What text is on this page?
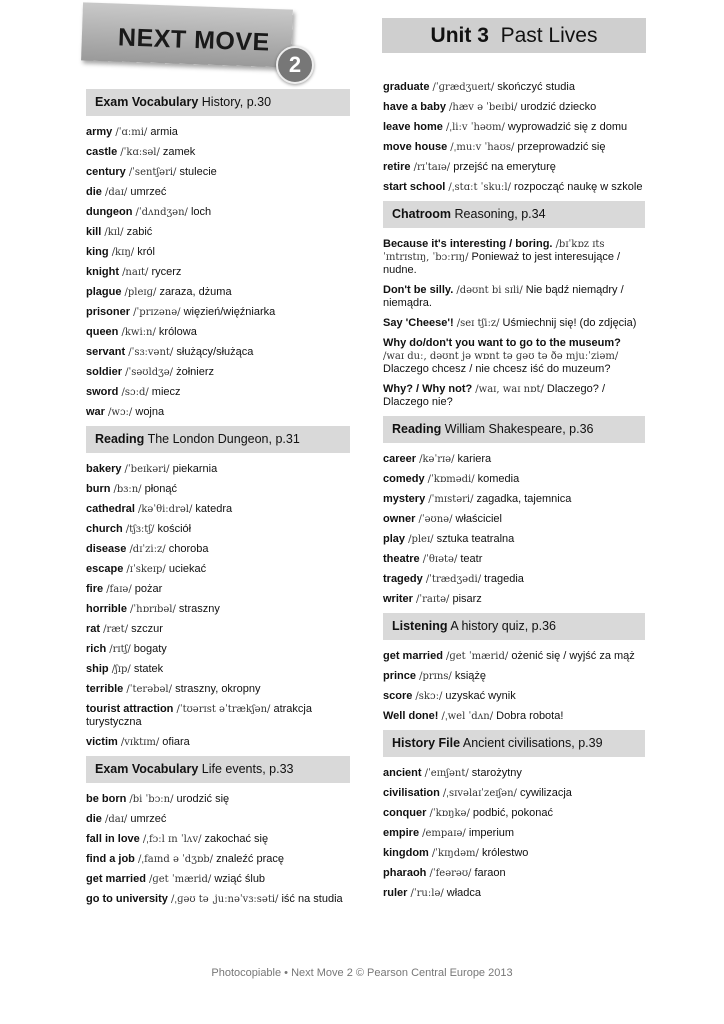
NEXT MOVE
2
Unit 3 Past Lives
Exam Vocabulary History, p.30
army /ˈɑːmi/ armia
castle /ˈkɑːsəl/ zamek
century /ˈsentʃəri/ stulecie
die /daɪ/ umrzeć
dungeon /ˈdʌndʒən/ loch
kill /kɪl/ zabić
king /kɪŋ/ król
knight /naɪt/ rycerz
plague /pleɪɡ/ zaraza, dżuma
prisoner /ˈprɪzənə/ więzień/więźniarka
queen /kwiːn/ królowa
servant /ˈsɜːvənt/ służący/służąca
soldier /ˈsəʊldʒə/ żołnierz
sword /sɔːd/ miecz
war /wɔː/ wojna
Reading The London Dungeon, p.31
bakery /ˈbeɪkəri/ piekarnia
burn /bɜːn/ płonąć
cathedral /kəˈθiːdrəl/ katedra
church /tʃɜːtʃ/ kościół
disease /dɪˈziːz/ choroba
escape /ɪˈskeɪp/ uciekać
fire /faɪə/ pożar
horrible /ˈhɒrɪbəl/ straszny
rat /ræt/ szczur
rich /rɪtʃ/ bogaty
ship /ʃɪp/ statek
terrible /ˈterəbəl/ straszny, okropny
tourist attraction /ˈtʊərɪst əˈtrækʃən/ atrakcja turystyczna
victim /vɪktɪm/ ofiara
Exam Vocabulary Life events, p.33
be born /bi ˈbɔːn/ urodzić się
die /daɪ/ umrzeć
fall in love /ˌfɔːl ɪn ˈlʌv/ zakochać się
find a job /ˌfaɪnd ə ˈdʒɒb/ znaleźć pracę
get married /ɡet ˈmærid/ wziąć ślub
go to university /ˌɡəʊ tə ˌjuːnəˈvɜːsəti/ iść na studia
graduate /ˈɡrædʒueɪt/ skończyć studia
have a baby /hæv ə ˈbeɪbi/ urodzić dziecko
leave home /ˌliːv ˈhəʊm/ wyprowadzić się z domu
move house /ˌmuːv ˈhaʊs/ przeprowadzić się
retire /rɪˈtaɪə/ przejść na emeryturę
start school /ˌstɑːt ˈskuːl/ rozpocząć naukę w szkole
Chatroom Reasoning, p.34
Because it's interesting / boring. /bɪˈkɒz ɪts ˈɪntrɪstɪŋ, ˈbɔːrɪŋ/ Ponieważ to jest interesujące / nudne.
Don't be silly. /dəʊnt bi sɪli/ Nie bądź niemądry / niemądra.
Say 'Cheese'! /seɪ tʃiːz/ Uśmiechnij się! (do zdjęcia)
Why do/don't you want to go to the museum? /waɪ duː, dəʊnt jə wɒnt tə ɡəʊ tə ðə mjuːˈziəm/ Dlaczego chcesz / nie chcesz iść do muzeum?
Why? / Why not? /waɪ, waɪ nɒt/ Dlaczego? / Dlaczego nie?
Reading William Shakespeare, p.36
career /kəˈrɪə/ kariera
comedy /ˈkɒmədi/ komedia
mystery /ˈmɪstəri/ zagadka, tajemnica
owner /ˈəʊnə/ właściciel
play /pleɪ/ sztuka teatralna
theatre /ˈθɪətə/ teatr
tragedy /ˈtrædʒədi/ tragedia
writer /ˈraɪtə/ pisarz
Listening A history quiz, p.36
get married /ɡet ˈmærid/ ożenić się / wyjść za mąż
prince /prɪns/ książę
score /skɔː/ uzyskać wynik
Well done! /ˌwel ˈdʌn/ Dobra robota!
History File Ancient civilisations, p.39
ancient /ˈeɪnʃənt/ starożytny
civilisation /ˌsɪvəlaɪˈzeɪʃən/ cywilizacja
conquer /ˈkɒŋkə/ podbić, pokonać
empire /empaɪə/ imperium
kingdom /ˈkɪŋdəm/ królestwo
pharaoh /ˈfeərəʊ/ faraon
ruler /ˈruːlə/ władca
Photocopiable • Next Move 2 © Pearson Central Europe 2013
